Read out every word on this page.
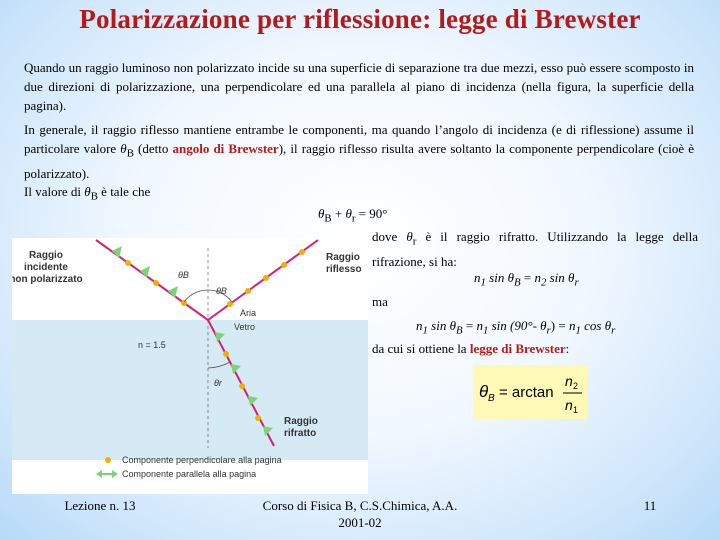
Polarizzazione per riflessione: legge di Brewster
Quando un raggio luminoso non polarizzato incide su una superficie di separazione tra due mezzi, esso può essere scomposto in due direzioni di polarizzazione, una perpendicolare ed una parallela al piano di incidenza (nella figura, la superficie della pagina).
In generale, il raggio riflesso mantiene entrambe le componenti, ma quando l’angolo di incidenza (e di riflessione) assume il particolare valore $\theta_B$ (detto angolo di Brewster), il raggio riflesso risulta avere soltanto la componente perpendicolare (cioè è polarizzato).
Il valore di $\theta_B$ è tale che
$\theta_B + \theta_r = 90^\circ$
dove $\theta_r$ è il raggio rifratto. Utilizzando la legge della rifrazione, si ha:
$n_1$ $\sin \theta_B = n_2$ $\sin \theta_r$
ma
$n_1$ $\sin \theta_B = n_1$ sin (90°- $\theta_r) = n_1$ $\cos \theta_r$
da cui si ottiene la legge di Brewster:
θ B = arctan
n 2
n 1
Raggio
incidente
non polarizzato
Raggio
riflesso
Raggio
rifratto
Aria
Vetro
n = 1.5
θB
θB
θr
Componente perpendicolare alla pagina
Componente parallela alla pagina
Lezione n. 13	Corso di Fisica B, C.S.Chimica, A.A.
2001-02
11
